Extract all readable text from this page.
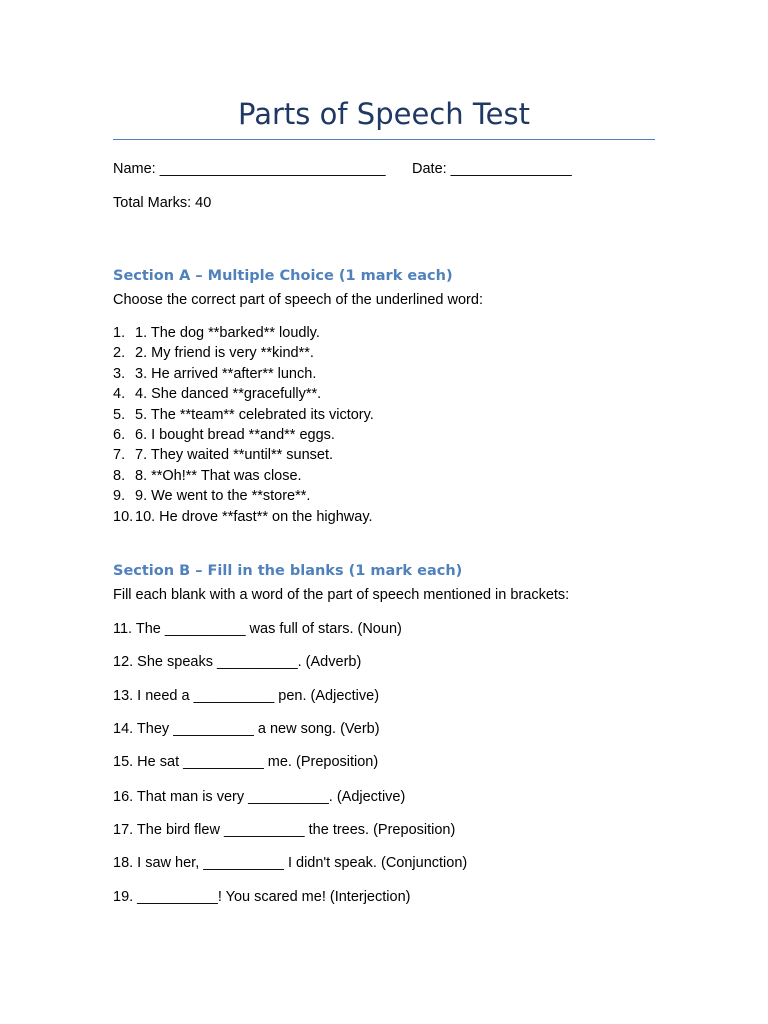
Parts of Speech Test
Name: ____________________________ Date: _______________
Total Marks: 40
Section A – Multiple Choice (1 mark each)
Choose the correct part of speech of the underlined word:
1. 1. The dog **barked** loudly.
2. 2. My friend is very **kind**.
3. 3. He arrived **after** lunch.
4. 4. She danced **gracefully**.
5. 5. The **team** celebrated its victory.
6. 6. I bought bread **and** eggs.
7. 7. They waited **until** sunset.
8. 8. **Oh!** That was close.
9. 9. We went to the **store**.
10. 10. He drove **fast** on the highway.
Section B – Fill in the blanks (1 mark each)
Fill each blank with a word of the part of speech mentioned in brackets:
11. The __________ was full of stars. (Noun)
12. She speaks __________. (Adverb)
13. I need a __________ pen. (Adjective)
14. They __________ a new song. (Verb)
15. He sat __________ me. (Preposition)
16. That man is very __________. (Adjective)
17. The bird flew __________ the trees. (Preposition)
18. I saw her, __________ I didn't speak. (Conjunction)
19. __________! You scared me! (Interjection)
